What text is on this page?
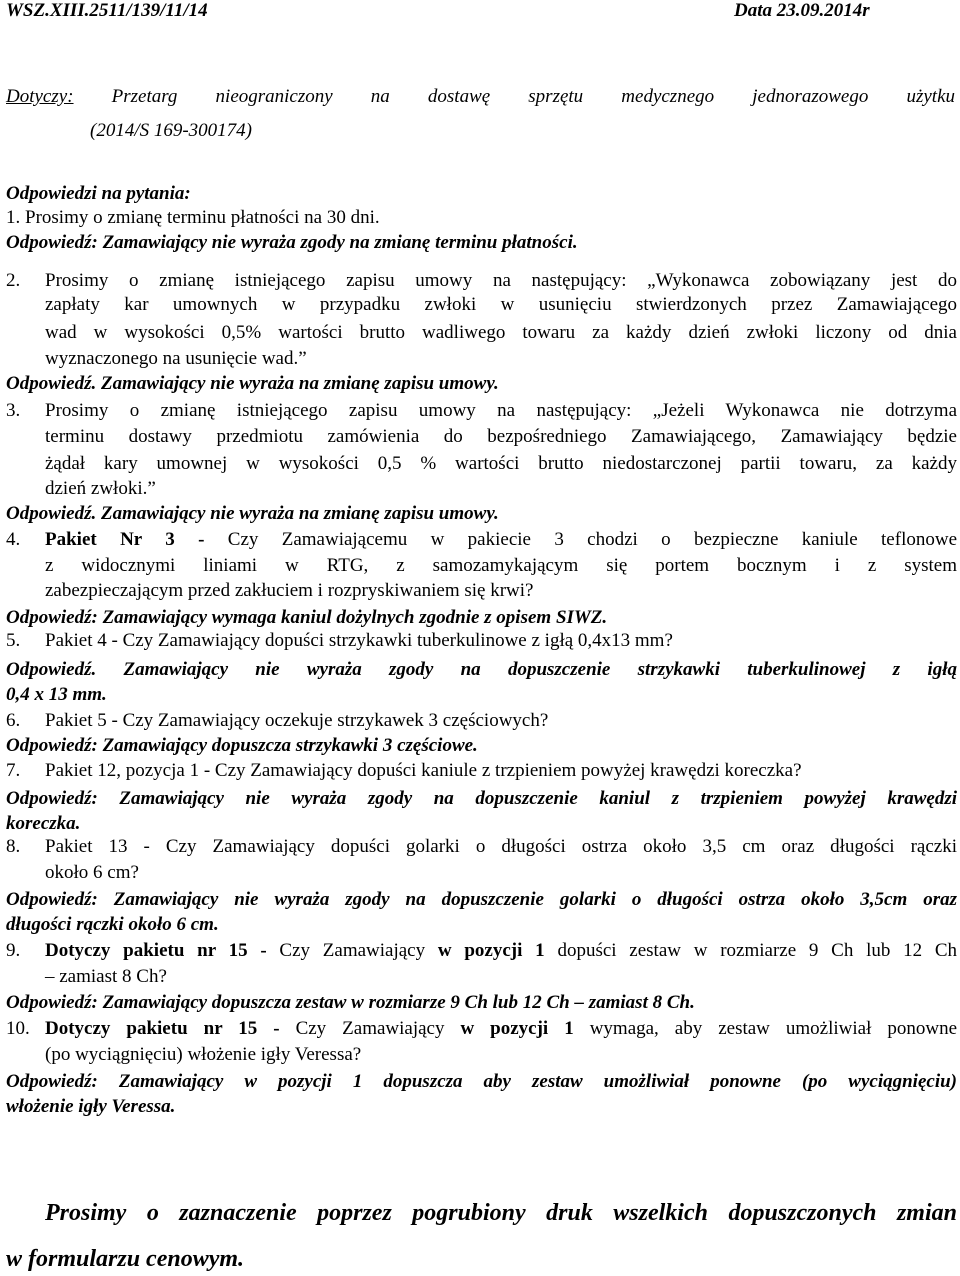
WSZ.XIII.2511/139/11/14	Data 23.09.2014r
Dotyczy: Przetarg nieograniczony na dostawę sprzętu medycznego jednorazowego użytku
(2014/S 169-300174)
Odpowiedzi na pytania:
1. Prosimy o zmianę terminu płatności na 30 dni.
Odpowiedź: Zamawiający nie wyraża zgody na zmianę terminu płatności.
2.	Prosimy o zmianę istniejącego zapisu umowy na następujący: „Wykonawca zobowiązany jest do
zapłaty kar umownych w przypadku zwłoki w usunięciu stwierdzonych przez Zamawiającego
wad w wysokości 0,5% wartości brutto wadliwego towaru za każdy dzień zwłoki liczony od dnia
wyznaczonego na usunięcie wad.”
Odpowiedź. Zamawiający nie wyraża na zmianę zapisu umowy.
3.	Prosimy o zmianę istniejącego zapisu umowy na następujący: „Jeżeli Wykonawca nie dotrzyma
terminu dostawy przedmiotu zamówienia do bezpośredniego Zamawiającego, Zamawiający będzie
żądał kary umownej w wysokości 0,5 % wartości brutto niedostarczonej partii towaru, za każdy
dzień zwłoki.”
Odpowiedź. Zamawiający nie wyraża na zmianę zapisu umowy.
4.	Pakiet Nr 3 - Czy Zamawiającemu w pakiecie 3 chodzi o bezpieczne kaniule teflonowe
z widocznymi liniami w RTG, z samozamykającym się portem bocznym i z system
zabezpieczającym przed zakłuciem i rozpryskiwaniem się krwi?
Odpowiedź: Zamawiający wymaga kaniul dożylnych zgodnie z opisem SIWZ.
5.	Pakiet 4 - Czy Zamawiający dopuści strzykawki tuberkulinowe z igłą 0,4x13 mm?
Odpowiedź. Zamawiający nie wyraża zgody na dopuszczenie strzykawki tuberkulinowej z igłą
0,4 x 13 mm.
6.	Pakiet 5 - Czy Zamawiający oczekuje strzykawek 3 częściowych?
Odpowiedź: Zamawiający dopuszcza strzykawki 3 częściowe.
7.	Pakiet 12, pozycja 1 - Czy Zamawiający dopuści kaniule z trzpieniem powyżej krawędzi koreczka?
Odpowiedź: Zamawiający nie wyraża zgody na dopuszczenie kaniul z trzpieniem powyżej krawędzi
koreczka.
8.	Pakiet 13 - Czy Zamawiający dopuści golarki o długości ostrza około 3,5 cm oraz długości rączki
około 6 cm?
Odpowiedź: Zamawiający nie wyraża zgody na dopuszczenie golarki o długości ostrza około 3,5cm oraz
długości rączki około 6 cm.
9.	Dotyczy pakietu nr 15 - Czy Zamawiający w pozycji 1 dopuści zestaw w rozmiarze 9 Ch lub 12 Ch
– zamiast 8 Ch?
Odpowiedź: Zamawiający dopuszcza zestaw w rozmiarze 9 Ch lub 12 Ch – zamiast 8 Ch.
10. Dotyczy pakietu nr 15 - Czy Zamawiający w pozycji 1 wymaga, aby zestaw umożliwiał ponowne
(po wyciągnięciu) włożenie igły Veressa?
Odpowiedź: Zamawiający w pozycji 1 dopuszcza aby zestaw umożliwiał ponowne (po wyciągnięciu)
włożenie igły Veressa.
Prosimy o zaznaczenie poprzez pogrubiony druk wszelkich dopuszczonych zmian
w formularzu cenowym.
